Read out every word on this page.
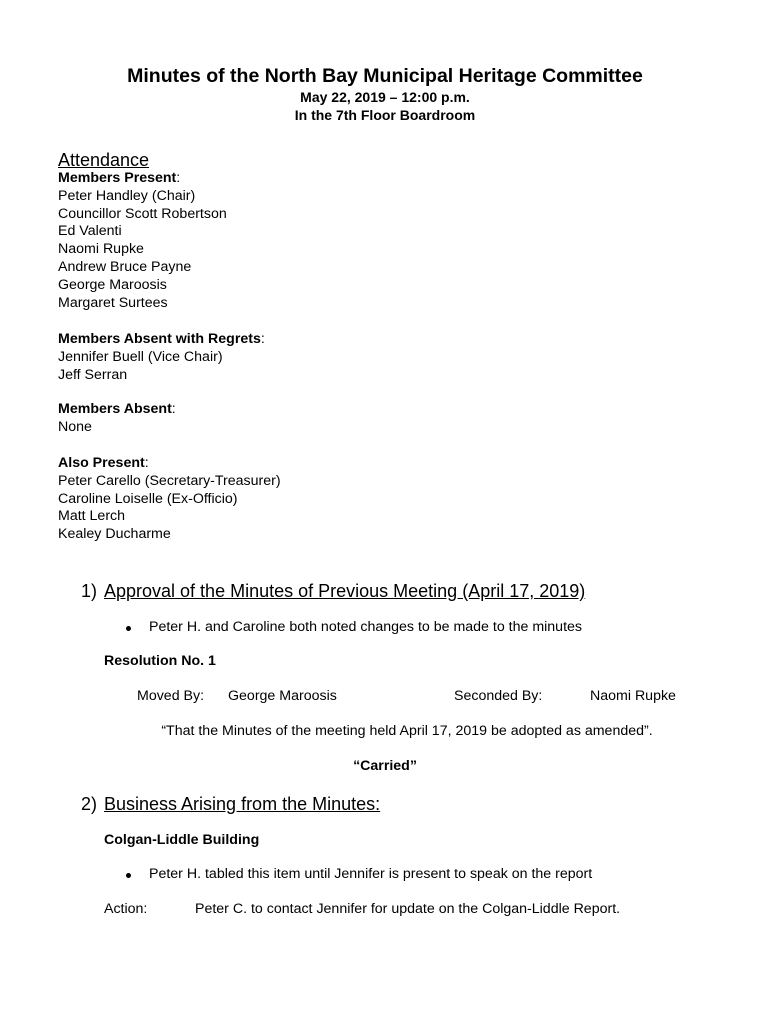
Minutes of the North Bay Municipal Heritage Committee
May 22, 2019 – 12:00 p.m.
In the 7th Floor Boardroom
Attendance
Members Present:
Peter Handley (Chair)
Councillor Scott Robertson
Ed Valenti
Naomi Rupke
Andrew Bruce Payne
George Maroosis
Margaret Surtees
Members Absent with Regrets:
Jennifer Buell (Vice Chair)
Jeff Serran
Members Absent:
None
Also Present:
Peter Carello (Secretary-Treasurer)
Caroline Loiselle (Ex-Officio)
Matt Lerch
Kealey Ducharme
1) Approval of the Minutes of Previous Meeting (April 17, 2019)
Peter H. and Caroline both noted changes to be made to the minutes
Resolution No. 1
Moved By: George Maroosis	Seconded By:	Naomi Rupke
“That the Minutes of the meeting held April 17, 2019 be adopted as amended”.
“Carried”
2) Business Arising from the Minutes:
Colgan-Liddle Building
Peter H. tabled this item until Jennifer is present to speak on the report
Action:	Peter C. to contact Jennifer for update on the Colgan-Liddle Report.
